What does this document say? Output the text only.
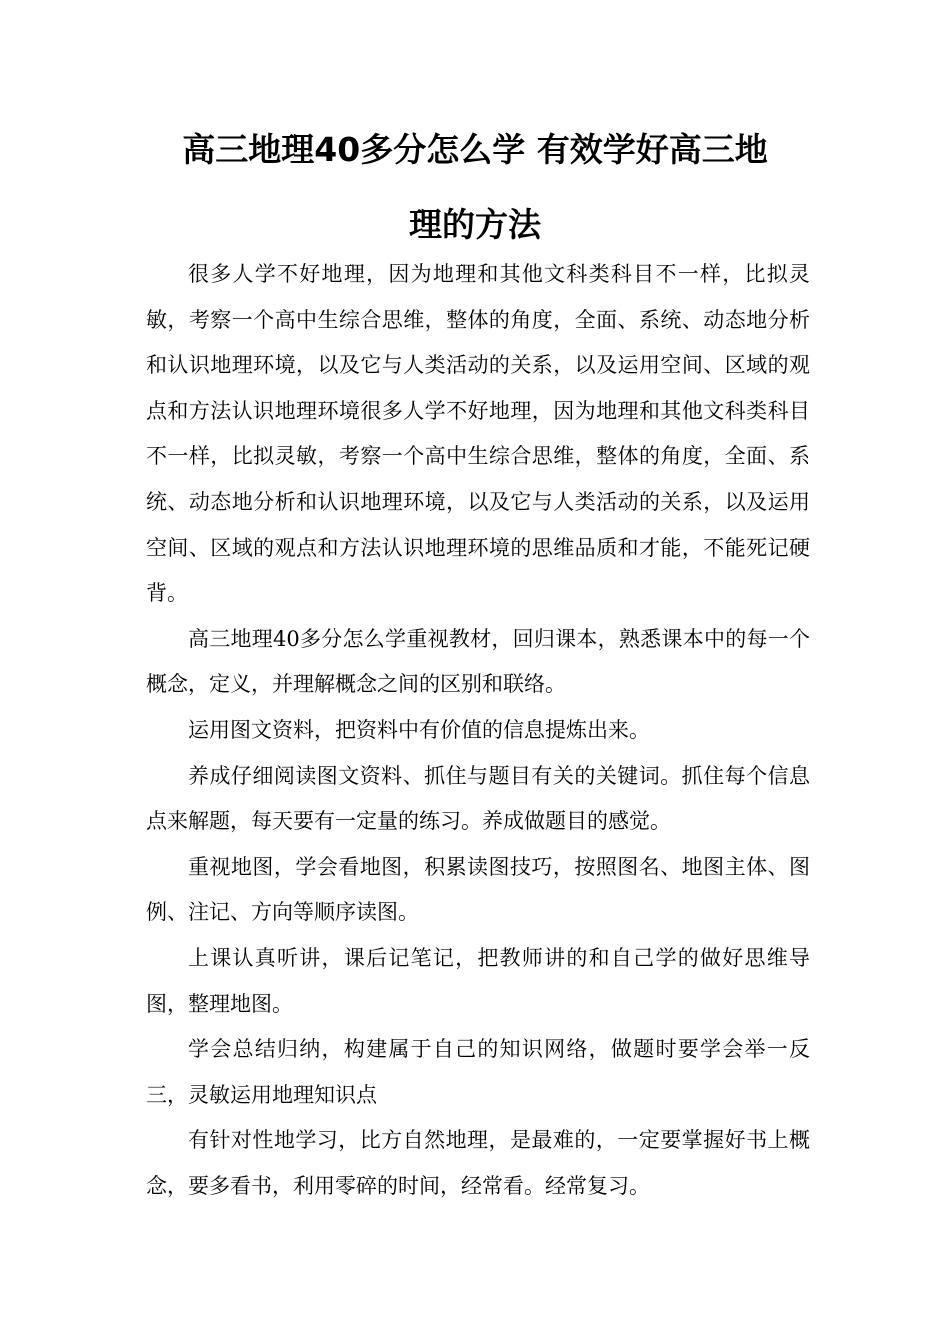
高三地理40多分怎么学 有效学好高三地
理的方法

很多人学不好地理，因为地理和其他文科类科目不一样，比拟灵敏，考察一个高中生综合思维，整体的角度，全面、系统、动态地分析和认识地理环境，以及它与人类活动的关系，以及运用空间、区域的观点和方法认识地理环境很多人学不好地理，因为地理和其他文科类科目不一样，比拟灵敏，考察一个高中生综合思维，整体的角度，全面、系统、动态地分析和认识地理环境，以及它与人类活动的关系，以及运用空间、区域的观点和方法认识地理环境的思维品质和才能，不能死记硬背。

高三地理40多分怎么学重视教材，回归课本，熟悉课本中的每一个概念，定义，并理解概念之间的区别和联络。

运用图文资料，把资料中有价值的信息提炼出来。

养成仔细阅读图文资料、抓住与题目有关的关键词。抓住每个信息点来解题，每天要有一定量的练习。养成做题目的感觉。

重视地图，学会看地图，积累读图技巧，按照图名、地图主体、图例、注记、方向等顺序读图。

上课认真听讲，课后记笔记，把教师讲的和自己学的做好思维导图，整理地图。

学会总结归纳，构建属于自己的知识网络，做题时要学会举一反三，灵敏运用地理知识点

有针对性地学习，比方自然地理，是最难的，一定要掌握好书上概念，要多看书，利用零碎的时间，经常看。经常复习。
